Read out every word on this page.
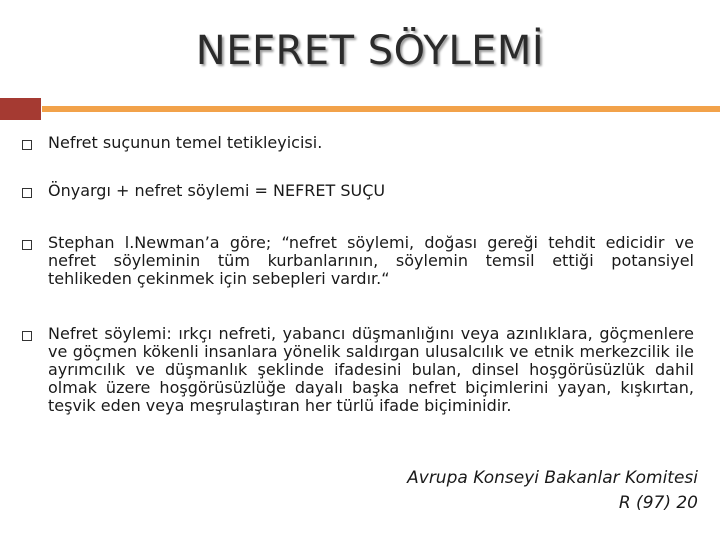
NEFRET SÖYLEMİ

Nefret suçunun temel tetikleyicisi.

Önyargı + nefret söylemi = NEFRET SUÇU

Stephan l.Newman’a göre; “nefret söylemi, doğası gereği tehdit edicidir ve nefret söyleminin tüm kurbanlarının, söylemin temsil ettiği potansiyel tehlikeden çekinmek için sebepleri vardır.“

Nefret söylemi: ırkçı nefreti, yabancı düşmanlığını veya azınlıklara, göçmenlere ve göçmen kökenli insanlara yönelik saldırgan ulusalcılık ve etnik merkezcilik ile ayrımcılık ve düşmanlık şeklinde ifadesini bulan, dinsel hoşgörüsüzlük dahil olmak üzere hoşgörüsüzlüğe dayalı başka nefret biçimlerini yayan, kışkırtan, teşvik eden veya meşrulaştıran her türlü ifade biçiminidir.

Avrupa Konseyi Bakanlar Komitesi
R (97) 20
